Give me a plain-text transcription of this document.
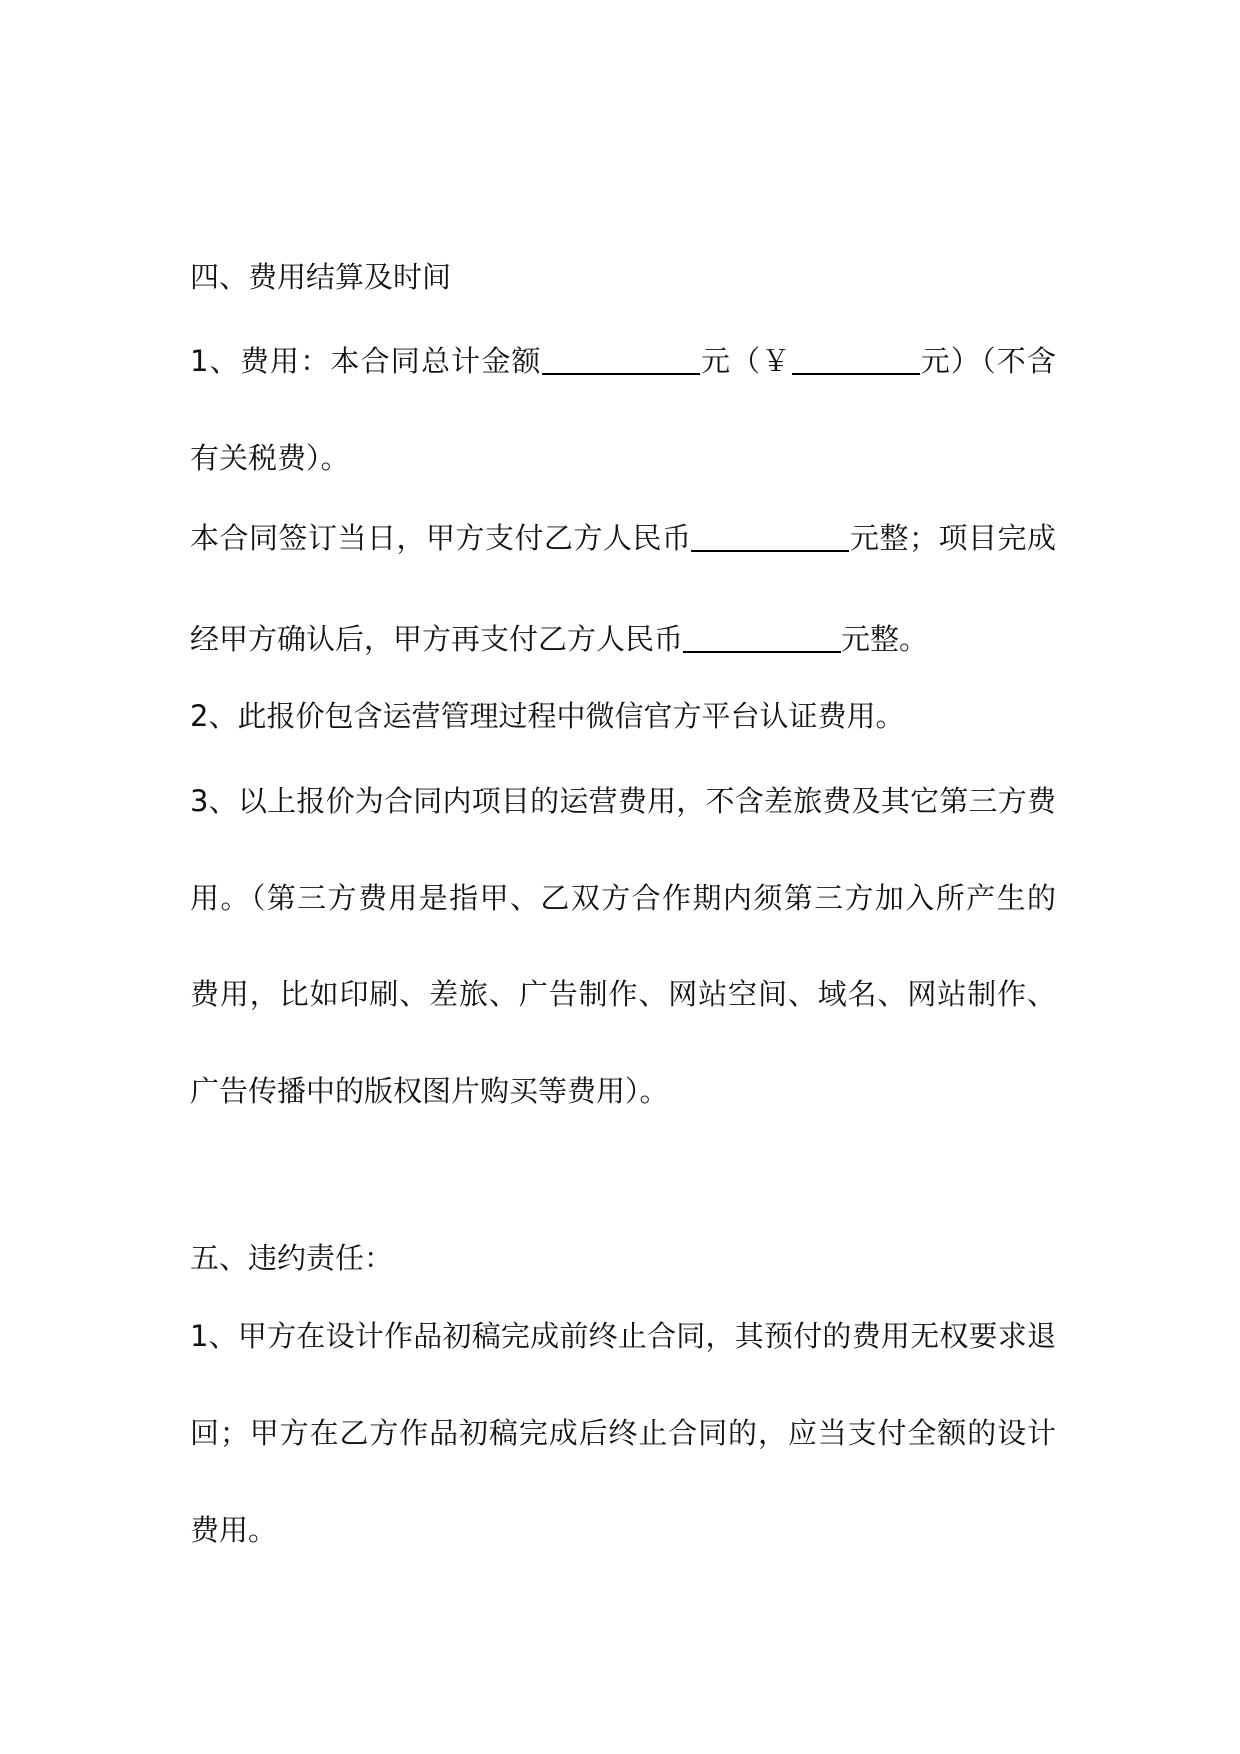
四、费用结算及时间
1、费用：本合同总计金额	元（￥	元）（不含
有关税费）。
本合同签订当日，甲方支付乙方人民币	元整；项目完成
经甲方确认后，甲方再支付乙方人民币	元整。
2、此报价包含运营管理过程中微信官方平台认证费用。
3、以上报价为合同内项目的运营费用，不含差旅费及其它第三方费
用。（第三方费用是指甲、乙双方合作期内须第三方加入所产生的
费用，比如印刷、差旅、广告制作、网站空间、域名、网站制作、
广告传播中的版权图片购买等费用）。
五、违约责任：
1、甲方在设计作品初稿完成前终止合同，其预付的费用无权要求退
回；甲方在乙方作品初稿完成后终止合同的，应当支付全额的设计
费用。
